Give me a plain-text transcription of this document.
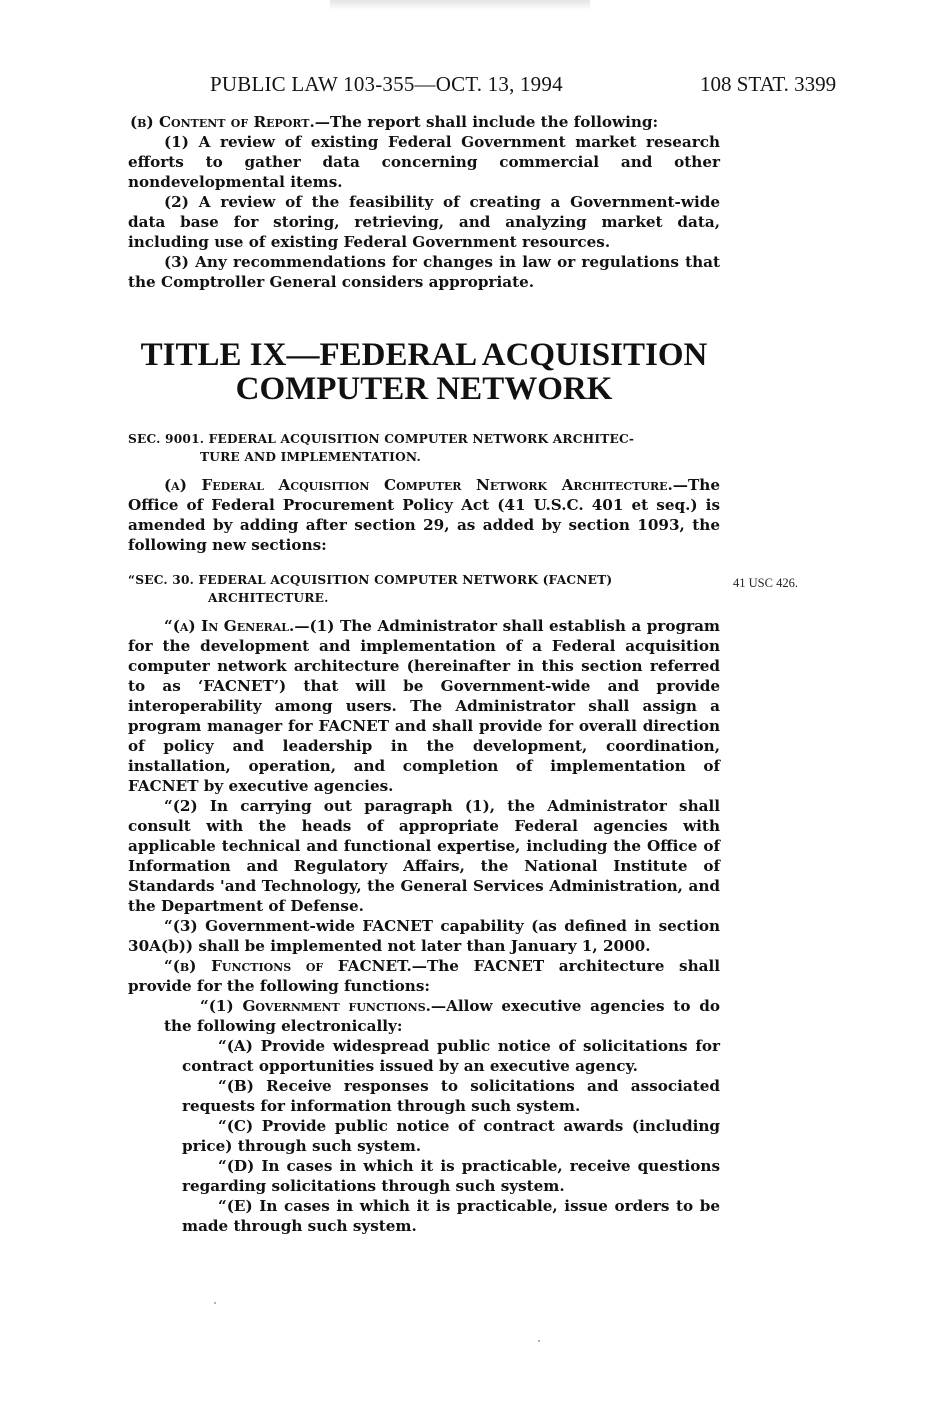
PUBLIC LAW 103-355—OCT. 13, 1994	108 STAT. 3399

(b) Content of Report.—The report shall include the following:

(1) A review of existing Federal Government market research efforts to gather data concerning commercial and other nondevelopmental items.

(2) A review of the feasibility of creating a Government-wide data base for storing, retrieving, and analyzing market data, including use of existing Federal Government resources.

(3) Any recommendations for changes in law or regulations that the Comptroller General considers appropriate.

TITLE IX—FEDERAL ACQUISITION
COMPUTER NETWORK
SEC. 9001. FEDERAL ACQUISITION COMPUTER NETWORK ARCHITEC-
TURE AND IMPLEMENTATION.

(a) Federal Acquisition Computer Network Architecture.—The Office of Federal Procurement Policy Act (41 U.S.C. 401 et seq.) is amended by adding after section 29, as added by section 1093, the following new sections:

“SEC. 30. FEDERAL ACQUISITION COMPUTER NETWORK (FACNET)
ARCHITECTURE.

“(a) In General.—(1) The Administrator shall establish a program for the development and implementation of a Federal acquisition computer network architecture (hereinafter in this section referred to as ‘FACNET’) that will be Government-wide and provide interoperability among users. The Administrator shall assign a program manager for FACNET and shall provide for overall direction of policy and leadership in the development, coordination, installation, operation, and completion of implementation of FACNET by executive agencies.

“(2) In carrying out paragraph (1), the Administrator shall consult with the heads of appropriate Federal agencies with applicable technical and functional expertise, including the Office of Information and Regulatory Affairs, the National Institute of Standards 'and Technology, the General Services Administration, and the Department of Defense.

“(3) Government-wide FACNET capability (as defined in section 30A(b)) shall be implemented not later than January 1, 2000.

“(b) Functions of FACNET.—The FACNET architecture shall provide for the following functions:

“(1) Government functions.—Allow executive agencies to do the following electronically:

“(A) Provide widespread public notice of solicitations for contract opportunities issued by an executive agency.

“(B) Receive responses to solicitations and associated requests for information through such system.

“(C) Provide public notice of contract awards (including price) through such system.

“(D) In cases in which it is practicable, receive questions regarding solicitations through such system.

“(E) In cases in which it is practicable, issue orders to be made through such system.

41 USC 426.
